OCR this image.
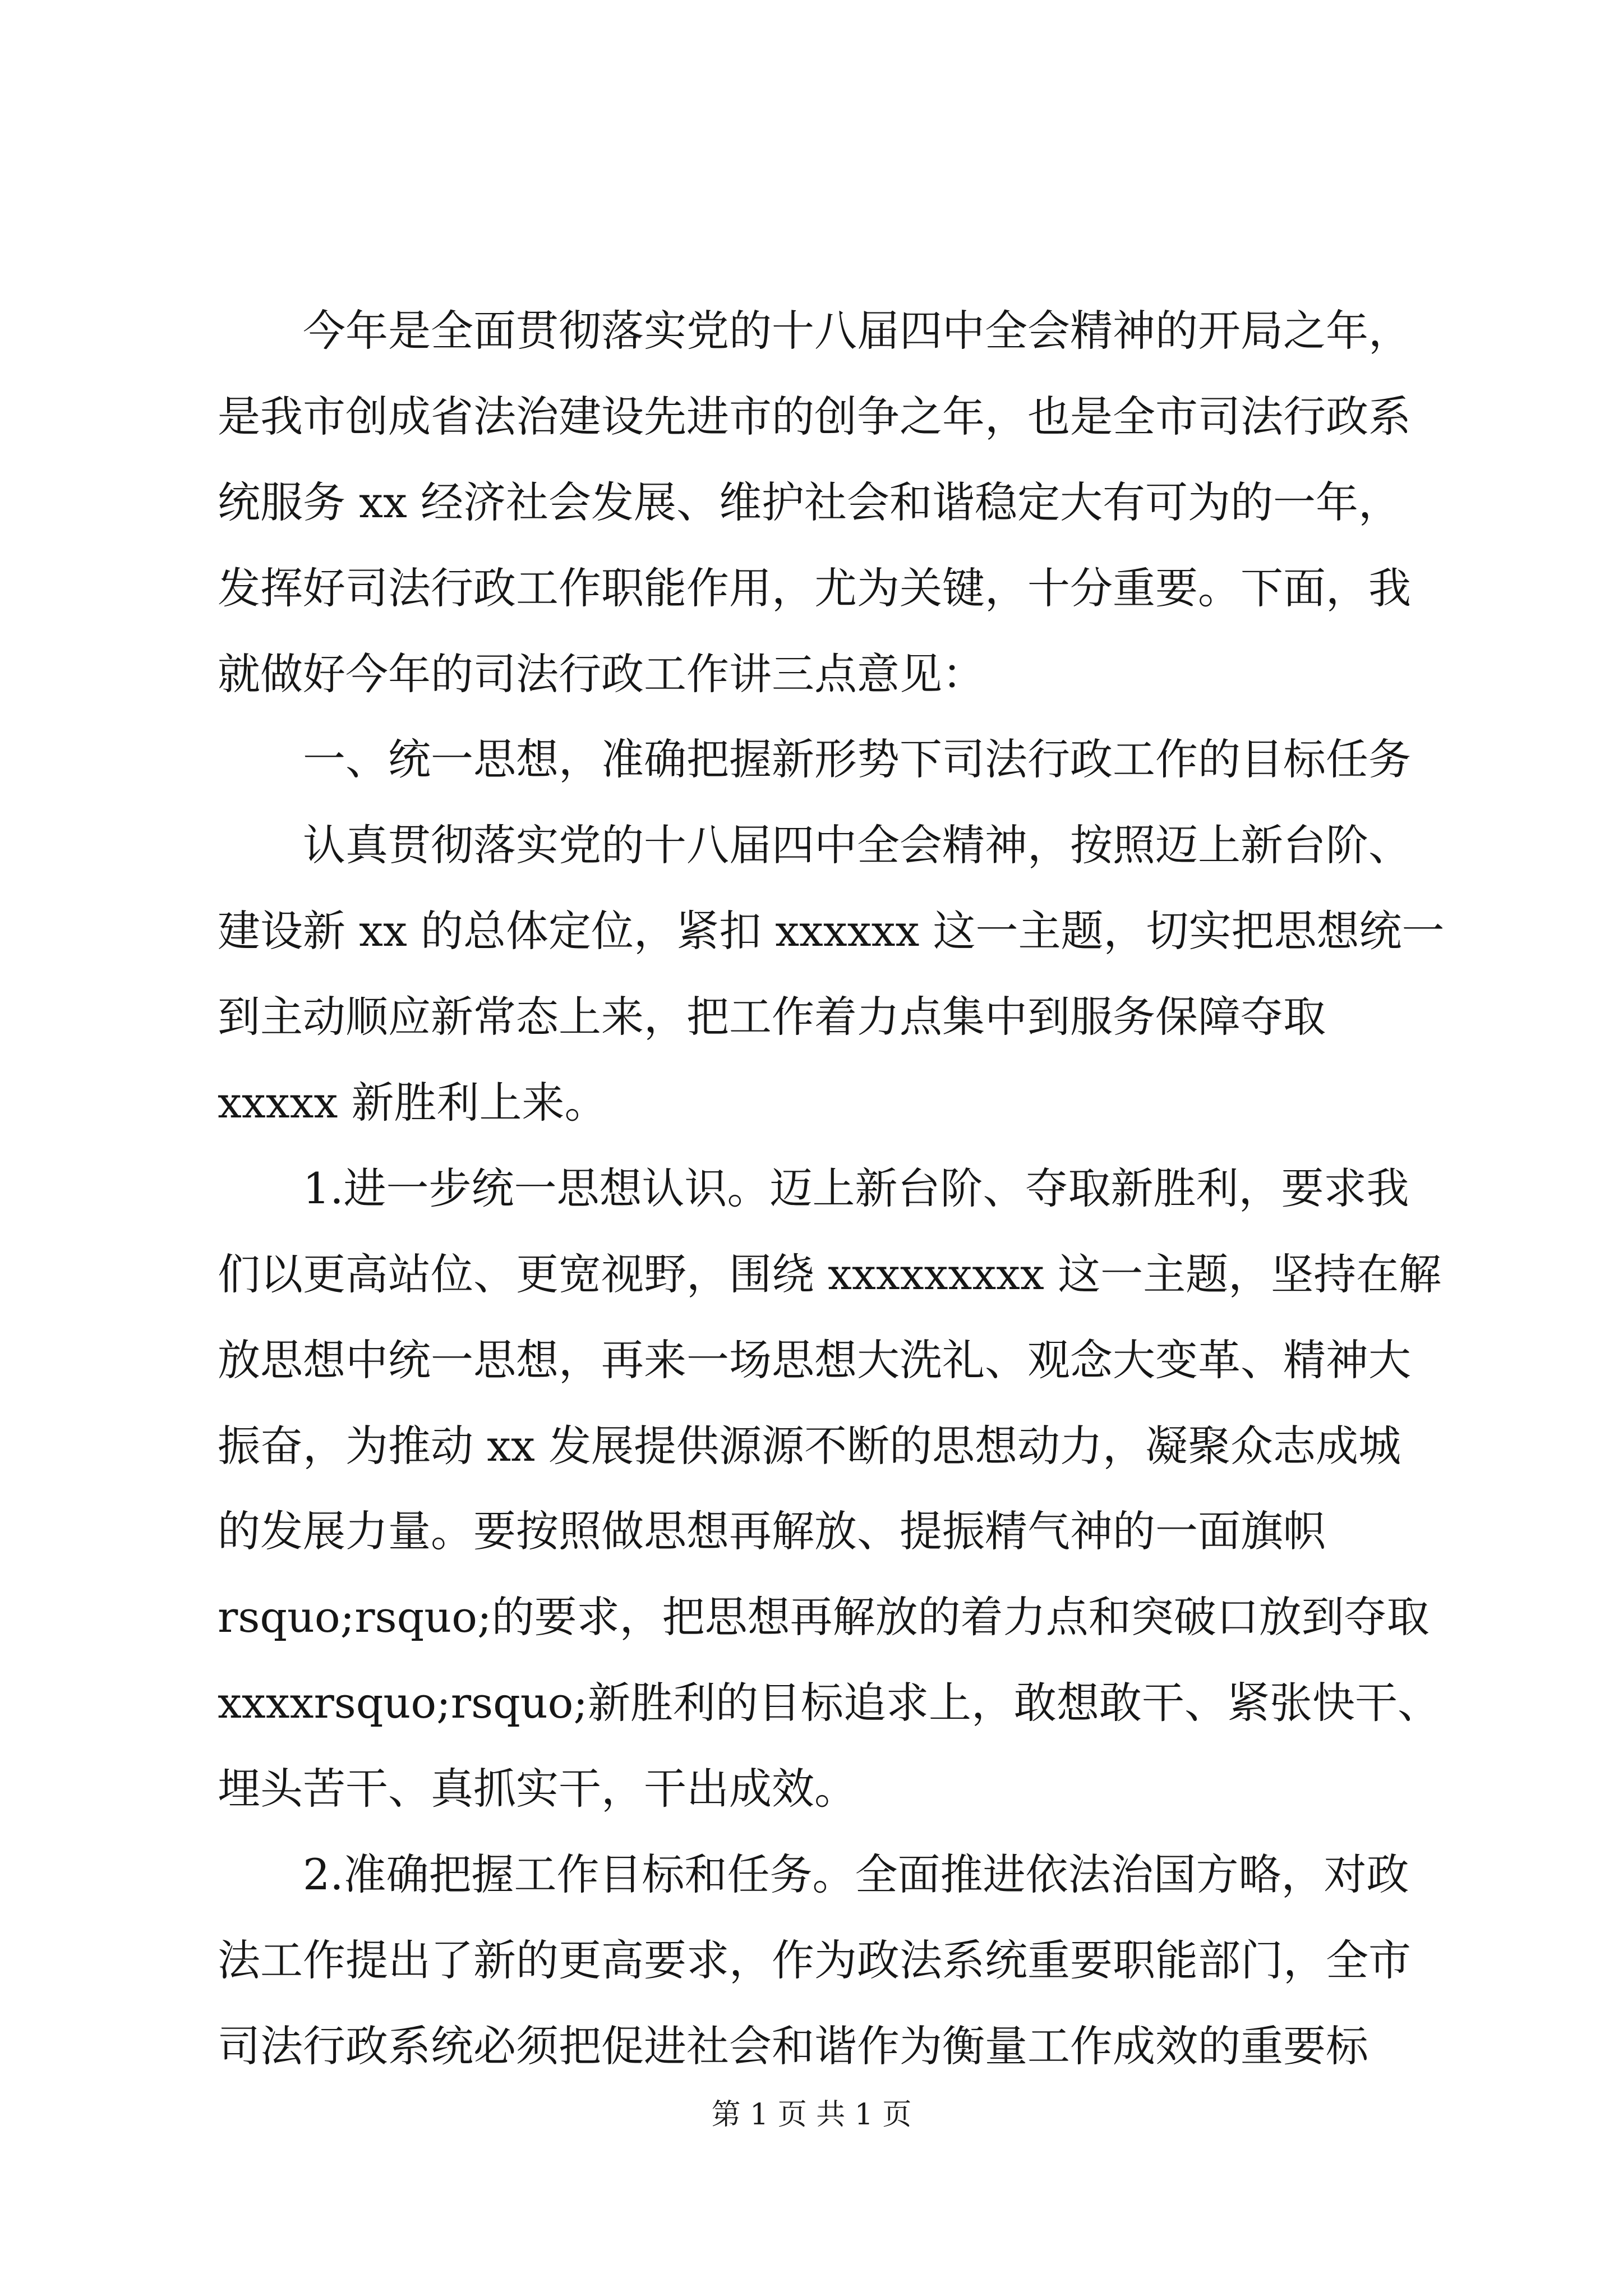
今年是全面贯彻落实党的十八届四中全会精神的开局之年，
是我市创成省法治建设先进市的创争之年，也是全市司法行政系
统服务 xx 经济社会发展、维护社会和谐稳定大有可为的一年，
发挥好司法行政工作职能作用，尤为关键，十分重要。下面，我
就做好今年的司法行政工作讲三点意见：
一、统一思想，准确把握新形势下司法行政工作的目标任务
认真贯彻落实党的十八届四中全会精神，按照迈上新台阶、
建设新 xx 的总体定位，紧扣 xxxxxx 这一主题，切实把思想统一
到主动顺应新常态上来，把工作着力点集中到服务保障夺取
xxxxx 新胜利上来。
1.进一步统一思想认识。迈上新台阶、夺取新胜利，要求我
们以更高站位、更宽视野，围绕 xxxxxxxxx 这一主题，坚持在解
放思想中统一思想，再来一场思想大洗礼、观念大变革、精神大
振奋，为推动 xx 发展提供源源不断的思想动力，凝聚众志成城
的发展力量。要按照做思想再解放、提振精气神的一面旗帜
rsquo;rsquo;的要求，把思想再解放的着力点和突破口放到夺取
xxxxrsquo;rsquo;新胜利的目标追求上，敢想敢干、紧张快干、
埋头苦干、真抓实干，干出成效。
2.准确把握工作目标和任务。全面推进依法治国方略，对政
法工作提出了新的更高要求，作为政法系统重要职能部门，全市
司法行政系统必须把促进社会和谐作为衡量工作成效的重要标
第 1 页 共 1 页
